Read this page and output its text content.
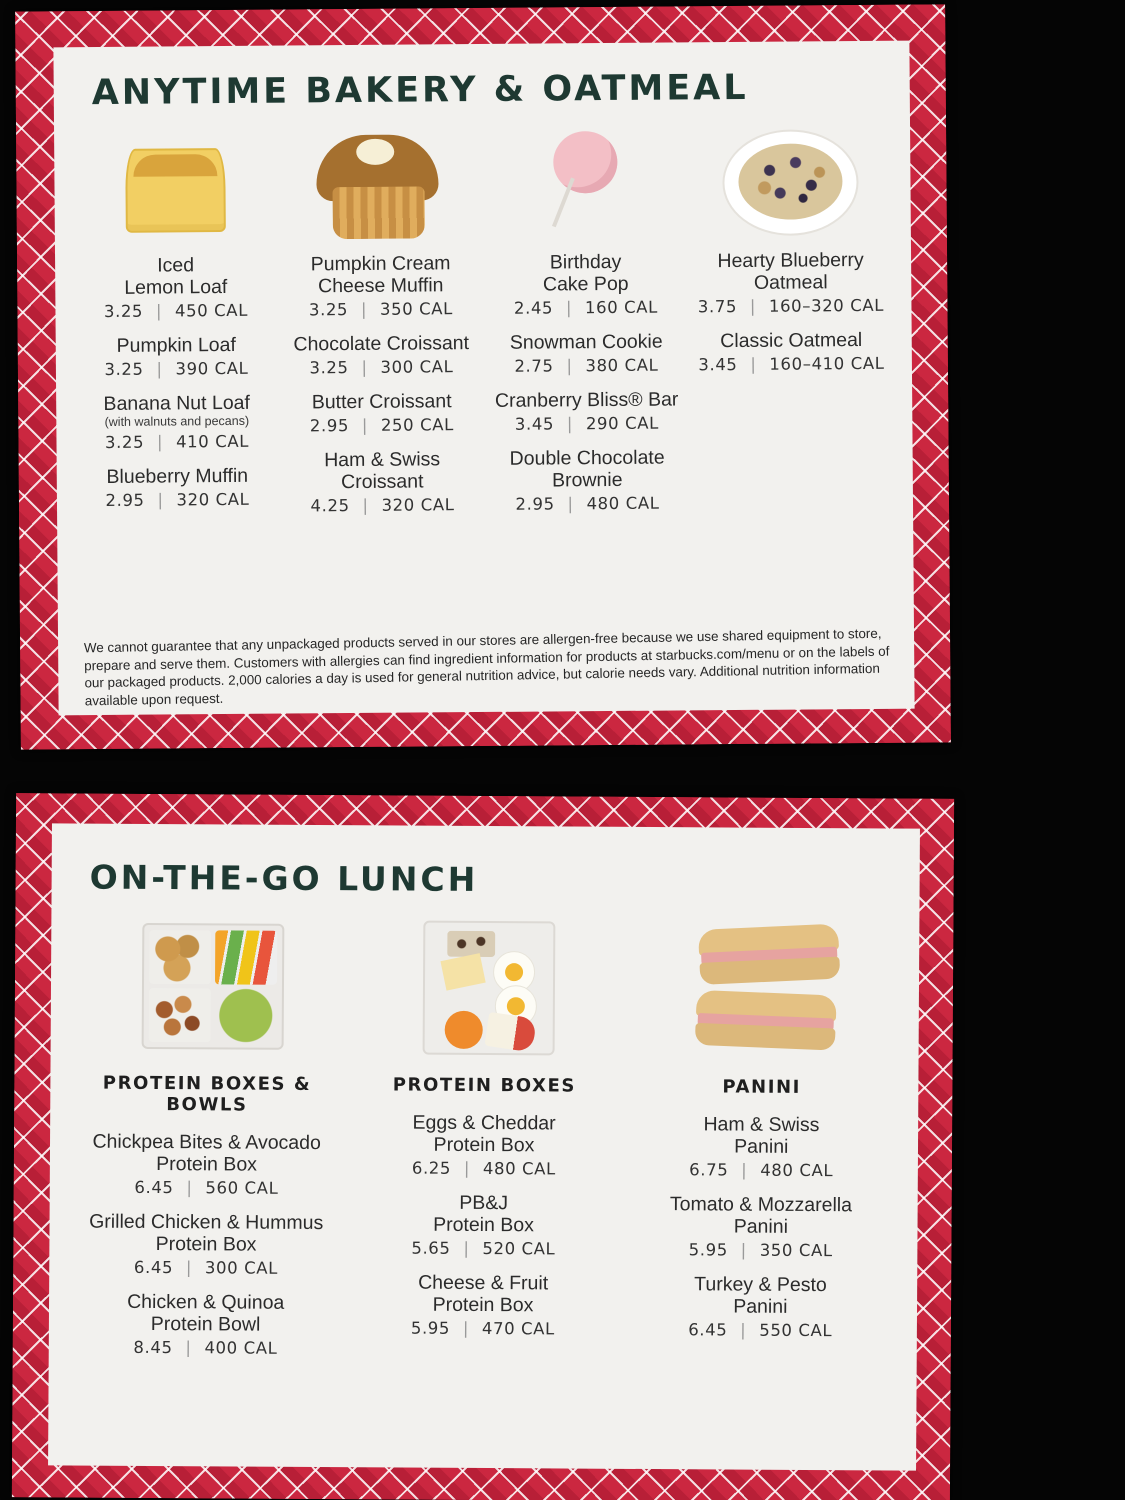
ANYTIME BAKERY & OATMEAL
Iced
Lemon Loaf
3.25 | 450 CAL
Pumpkin Loaf
3.25 | 390 CAL
Banana Nut Loaf
(with walnuts and pecans)
3.25 | 410 CAL
Blueberry Muffin
2.95 | 320 CAL
Pumpkin Cream
Cheese Muffin
3.25 | 350 CAL
Chocolate Croissant
3.25 | 300 CAL
Butter Croissant
2.95 | 250 CAL
Ham & Swiss
Croissant
4.25 | 320 CAL
Birthday
Cake Pop
2.45 | 160 CAL
Snowman Cookie
2.75 | 380 CAL
Cranberry Bliss® Bar
3.45 | 290 CAL
Double Chocolate
Brownie
2.95 | 480 CAL
Hearty Blueberry
Oatmeal
3.75 | 160–320 CAL
Classic Oatmeal
3.45 | 160–410 CAL
We cannot guarantee that any unpackaged products served in our stores are allergen-free because we use shared equipment to store, prepare and serve them. Customers with allergies can find ingredient information for products at starbucks.com/menu or on the labels of our packaged products. 2,000 calories a day is used for general nutrition advice, but calorie needs vary. Additional nutrition information available upon request.
ON-THE-GO LUNCH
PROTEIN BOXES & BOWLS
Chickpea Bites & Avocado
Protein Box
6.45 | 560 CAL
Grilled Chicken & Hummus
Protein Box
6.45 | 300 CAL
Chicken & Quinoa
Protein Bowl
8.45 | 400 CAL
PROTEIN BOXES
Eggs & Cheddar
Protein Box
6.25 | 480 CAL
PB&J
Protein Box
5.65 | 520 CAL
Cheese & Fruit
Protein Box
5.95 | 470 CAL
PANINI
Ham & Swiss
Panini
6.75 | 480 CAL
Tomato & Mozzarella
Panini
5.95 | 350 CAL
Turkey & Pesto
Panini
6.45 | 550 CAL
